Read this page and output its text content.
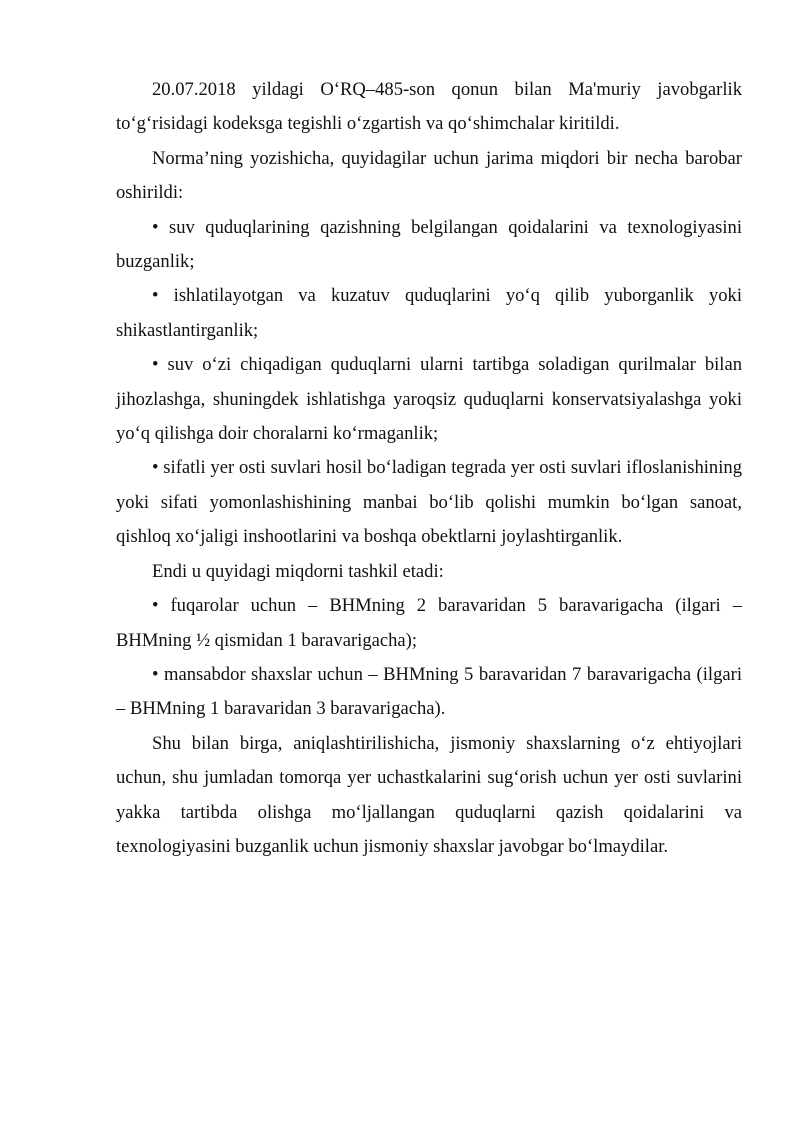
20.07.2018 yildagi O‘RQ–485-son qonun bilan Ma'muriy javobgarlik to‘g‘risidagi kodeksga tegishli o‘zgartish va qo‘shimchalar kiritildi.

Norma’ning yozishicha, quyidagilar uchun jarima miqdori bir necha barobar oshirildi:

• suv quduqlarining qazishning belgilangan qoidalarini va texnologiyasini buzganlik;

• ishlatilayotgan va kuzatuv quduqlarini yo‘q qilib yuborganlik yoki shikastlantirganlik;

• suv o‘zi chiqadigan quduqlarni ularni tartibga soladigan qurilmalar bilan jihozlashga, shuningdek ishlatishga yaroqsiz quduqlarni konservatsiyalashga yoki yo‘q qilishga doir choralarni ko‘rmaganlik;

• sifatli yer osti suvlari hosil bo‘ladigan tegrada yer osti suvlari ifloslanishining yoki sifati yomonlashishining manbai bo‘lib qolishi mumkin bo‘lgan sanoat, qishloq xo‘jaligi inshootlarini va boshqa obektlarni joylashtirganlik.

Endi u quyidagi miqdorni tashkil etadi:

• fuqarolar uchun – BHMning 2 baravaridan 5 baravarigacha (ilgari – BHMning ½ qismidan 1 baravarigacha);

• mansabdor shaxslar uchun – BHMning 5 baravaridan 7 baravarigacha (ilgari – BHMning 1 baravaridan 3 baravarigacha).

Shu bilan birga, aniqlashtirilishicha, jismoniy shaxslarning o‘z ehtiyojlari uchun, shu jumladan tomorqa yer uchastkalarini sug‘orish uchun yer osti suvlarini yakka tartibda olishga mo‘ljallangan quduqlarni qazish qoidalarini va texnologiyasini buzganlik uchun jismoniy shaxslar javobgar bo‘lmaydilar.
